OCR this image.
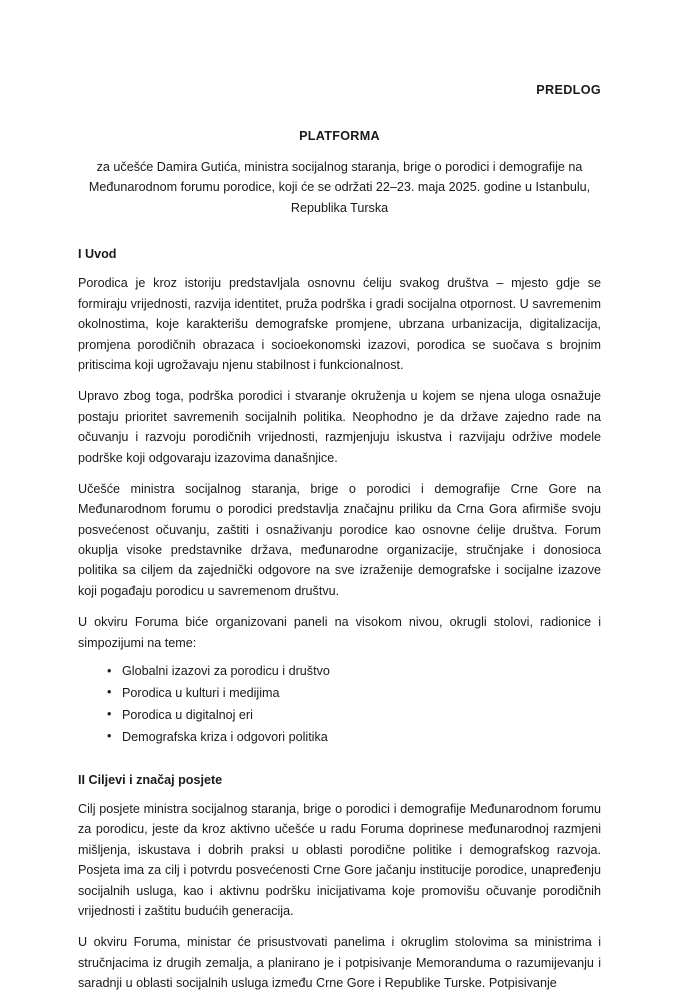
PREDLOG
PLATFORMA
za učešće Damira Gutića, ministra socijalnog staranja, brige o porodici i demografije na Međunarodnom forumu porodice, koji će se održati 22–23. maja 2025. godine u Istanbulu, Republika Turska
I Uvod

Porodica je kroz istoriju predstavljala osnovnu ćeliju svakog društva – mjesto gdje se formiraju vrijednosti, razvija identitet, pruža podrška i gradi socijalna otpornost. U savremenim okolnostima, koje karakterišu demografske promjene, ubrzana urbanizacija, digitalizacija, promjena porodičnih obrazaca i socioekonomski izazovi, porodica se suočava s brojnim pritiscima koji ugrožavaju njenu stabilnost i funkcionalnost.

Upravo zbog toga, podrška porodici i stvaranje okruženja u kojem se njena uloga osnažuje postaju prioritet savremenih socijalnih politika. Neophodno je da države zajedno rade na očuvanju i razvoju porodičnih vrijednosti, razmjenjuju iskustva i razvijaju održive modele podrške koji odgovaraju izazovima današnjice.

Učešće ministra socijalnog staranja, brige o porodici i demografije Crne Gore na Međunarodnom forumu o porodici predstavlja značajnu priliku da Crna Gora afirmiše svoju posvećenost očuvanju, zaštiti i osnaživanju porodice kao osnovne ćelije društva. Forum okuplja visoke predstavnike država, međunarodne organizacije, stručnjake i donosioca politika sa ciljem da zajednički odgovore na sve izraženije demografske i socijalne izazove koji pogađaju porodicu u savremenom društvu.

U okviru Foruma biće organizovani paneli na visokom nivou, okrugli stolovi, radionice i simpozijumi na teme:

• Globalni izazovi za porodicu i društvo
• Porodica u kulturi i medijima
• Porodica u digitalnoj eri
• Demografska kriza i odgovori politika
II Ciljevi i značaj posjete

Cilj posjete ministra socijalnog staranja, brige o porodici i demografije Međunarodnom forumu za porodicu, jeste da kroz aktivno učešće u radu Foruma doprinese međunarodnoj razmjeni mišljenja, iskustava i dobrih praksi u oblasti porodične politike i demografskog razvoja. Posjeta ima za cilj i potvrdu posvećenosti Crne Gore jačanju institucije porodice, unapređenju socijalnih usluga, kao i aktivnu podršku inicijativama koje promovišu očuvanje porodičnih vrijednosti i zaštitu budućih generacija.

U okviru Foruma, ministar će prisustvovati panelima i okruglim stolovima sa ministrima i stručnjacima iz drugih zemalja, a planirano je i potpisivanje Memoranduma o razumijevanju i saradnji u oblasti socijalnih usluga između Crne Gore i Republike Turske. Potpisivanje
